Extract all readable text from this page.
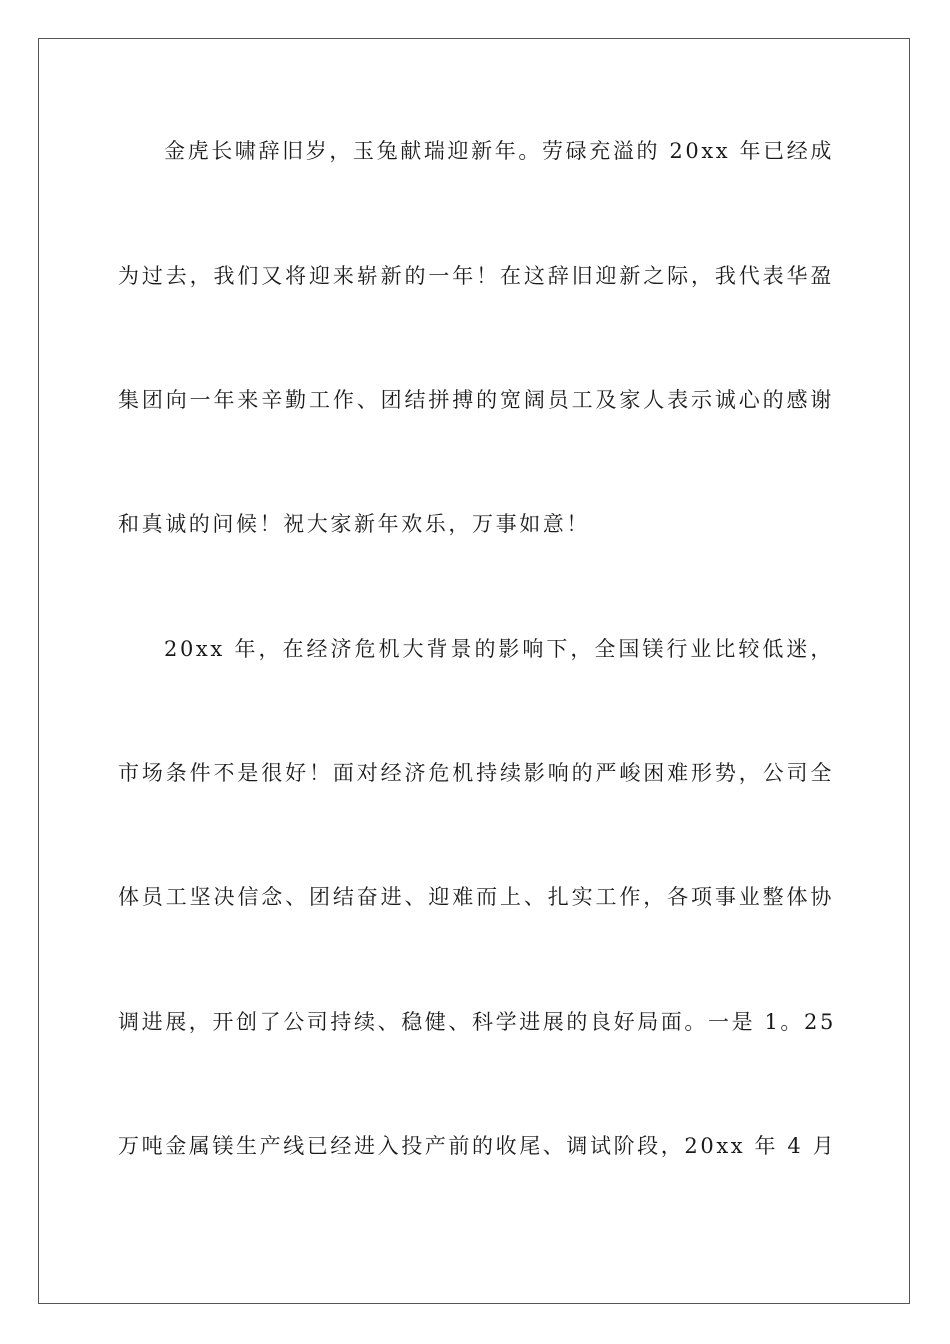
金虎长啸辞旧岁，玉兔献瑞迎新年。劳碌充溢的 20xx 年已经成
为过去，我们又将迎来崭新的一年！在这辞旧迎新之际，我代表华盈
集团向一年来辛勤工作、团结拼搏的宽阔员工及家人表示诚心的感谢
和真诚的问候！祝大家新年欢乐，万事如意！
20xx 年，在经济危机大背景的影响下，全国镁行业比较低迷，
市场条件不是很好！面对经济危机持续影响的严峻困难形势，公司全
体员工坚决信念、团结奋进、迎难而上、扎实工作，各项事业整体协
调进展，开创了公司持续、稳健、科学进展的良好局面。一是 1。25
万吨金属镁生产线已经进入投产前的收尾、调试阶段，20xx 年 4 月
